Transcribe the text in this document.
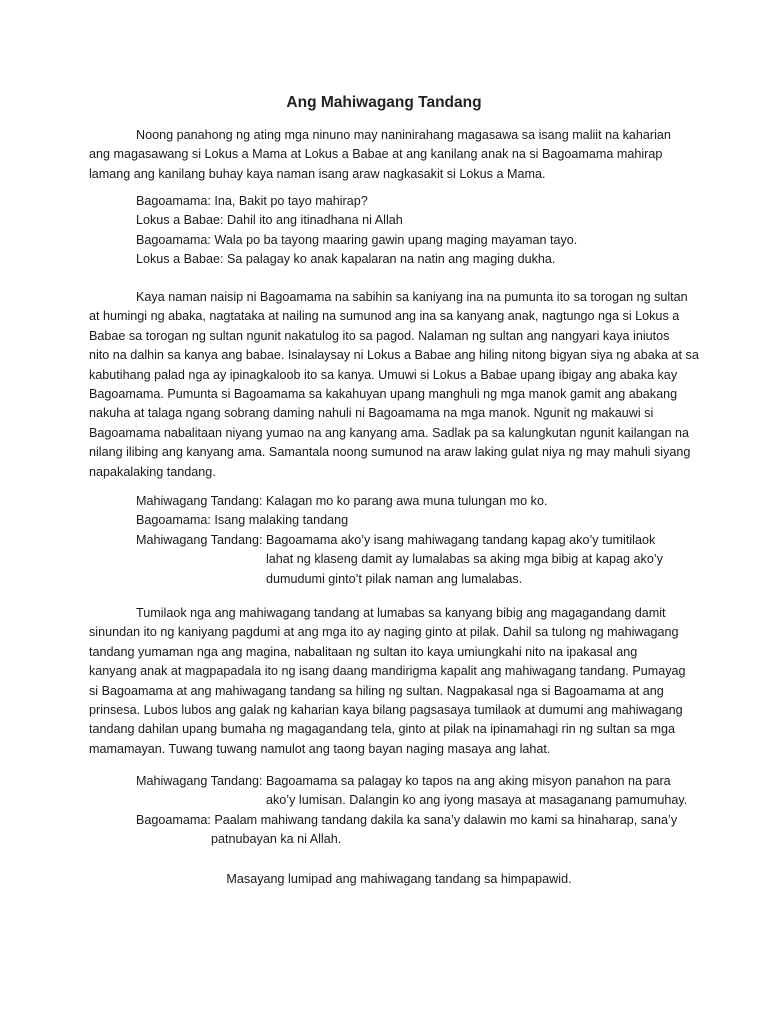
Ang Mahiwagang Tandang
Noong panahong ng ating mga ninuno may naninirahang magasawa sa isang maliit na kaharian
ang magasawang si Lokus a Mama at Lokus a Babae at ang kanilang anak na si Bagoamama mahirap
lamang ang kanilang buhay kaya naman isang araw nagkasakit si Lokus a Mama.
Bagoamama: Ina, Bakit po tayo mahirap?
Lokus a Babae: Dahil ito ang itinadhana ni Allah
Bagoamama: Wala po ba tayong maaring gawin upang maging mayaman tayo.
Lokus a Babae: Sa palagay ko anak kapalaran na natin ang maging dukha.
Kaya naman naisip ni Bagoamama na sabihin sa kaniyang ina na pumunta ito sa torogan ng sultan
at humingi ng abaka, nagtataka at nailing na sumunod ang ina sa kanyang anak, nagtungo nga si Lokus a
Babae sa torogan ng sultan ngunit nakatulog ito sa pagod. Nalaman ng sultan ang nangyari kaya iniutos
nito na dalhin sa kanya ang babae. Isinalaysay ni Lokus a Babae ang hiling nitong bigyan siya ng abaka at sa
kabutihang palad nga ay ipinagkaloob ito sa kanya. Umuwi si Lokus a Babae upang ibigay ang abaka kay
Bagoamama. Pumunta si Bagoamama sa kakahuyan upang manghuli ng mga manok gamit ang abakang
nakuha at talaga ngang sobrang daming nahuli ni Bagoamama na mga manok. Ngunit ng makauwi si
Bagoamama nabalitaan niyang yumao na ang kanyang ama. Sadlak pa sa kalungkutan ngunit kailangan na
nilang ilibing ang kanyang ama. Samantala noong sumunod na araw laking gulat niya ng may mahuli siyang
napakalaking tandang.
Mahiwagang Tandang: Kalagan mo ko parang awa muna tulungan mo ko.
Bagoamama: Isang malaking tandang
Mahiwagang Tandang: Bagoamama ako’y isang mahiwagang tandang kapag ako’y tumitilaok
lahat ng klaseng damit ay lumalabas sa aking mga bibig at kapag ako’y
dumudumi ginto’t pilak naman ang lumalabas.
Tumilaok nga ang mahiwagang tandang at lumabas sa kanyang bibig ang magagandang damit
sinundan ito ng kaniyang pagdumi at ang mga ito ay naging ginto at pilak. Dahil sa tulong ng mahiwagang
tandang yumaman nga ang magina, nabalitaan ng sultan ito kaya umiungkahi nito na ipakasal ang
kanyang anak at magpapadala ito ng isang daang mandirigma kapalit ang mahiwagang tandang. Pumayag
si Bagoamama at ang mahiwagang tandang sa hiling ng sultan. Nagpakasal nga si Bagoamama at ang
prinsesa. Lubos lubos ang galak ng kaharian kaya bilang pagsasaya tumilaok at dumumi ang mahiwagang
tandang dahilan upang bumaha ng magagandang tela, ginto at pilak na ipinamahagi rin ng sultan sa mga
mamamayan. Tuwang tuwang namulot ang taong bayan naging masaya ang lahat.
Mahiwagang Tandang: Bagoamama sa palagay ko tapos na ang aking misyon panahon na para
ako’y lumisan. Dalangin ko ang iyong masaya at masaganang pamumuhay.
Bagoamama: Paalam mahiwang tandang dakila ka sana’y dalawin mo kami sa hinaharap, sana’y
patnubayan ka ni Allah.
Masayang lumipad ang mahiwagang tandang sa himpapawid.
